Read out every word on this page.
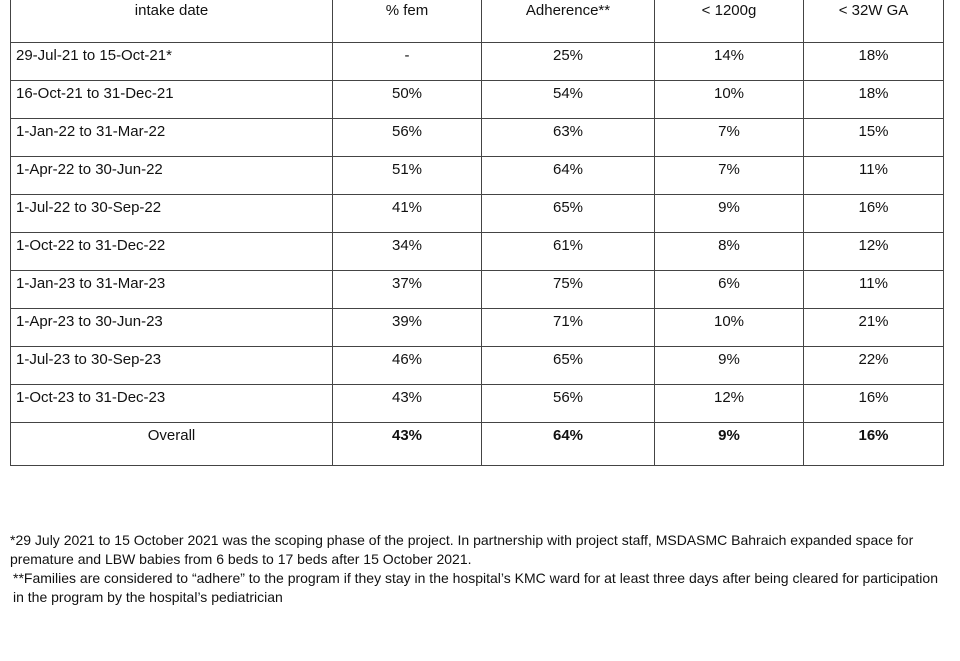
intake date	% fem	Adherence**	< 1200g	< 32W GA
29-Jul-21 to 15-Oct-21*	-	25%	14%	18%
16-Oct-21 to 31-Dec-21	50%	54%	10%	18%
1-Jan-22 to 31-Mar-22	56%	63%	7%	15%
1-Apr-22 to 30-Jun-22	51%	64%	7%	11%
1-Jul-22 to 30-Sep-22	41%	65%	9%	16%
1-Oct-22 to 31-Dec-22	34%	61%	8%	12%
1-Jan-23 to 31-Mar-23	37%	75%	6%	11%
1-Apr-23 to 30-Jun-23	39%	71%	10%	21%
1-Jul-23 to 30-Sep-23	46%	65%	9%	22%
1-Oct-23 to 31-Dec-23	43%	56%	12%	16%
Overall	43%	64%	9%	16%

*29 July 2021 to 15 October 2021 was the scoping phase of the project. In partnership with project staff, MSDASMC Bahraich expanded space for premature and LBW babies from 6 beds to 17 beds after 15 October 2021.

**Families are considered to “adhere” to the program if they stay in the hospital’s KMC ward for at least three days after being cleared for participation in the program by the hospital’s pediatrician
